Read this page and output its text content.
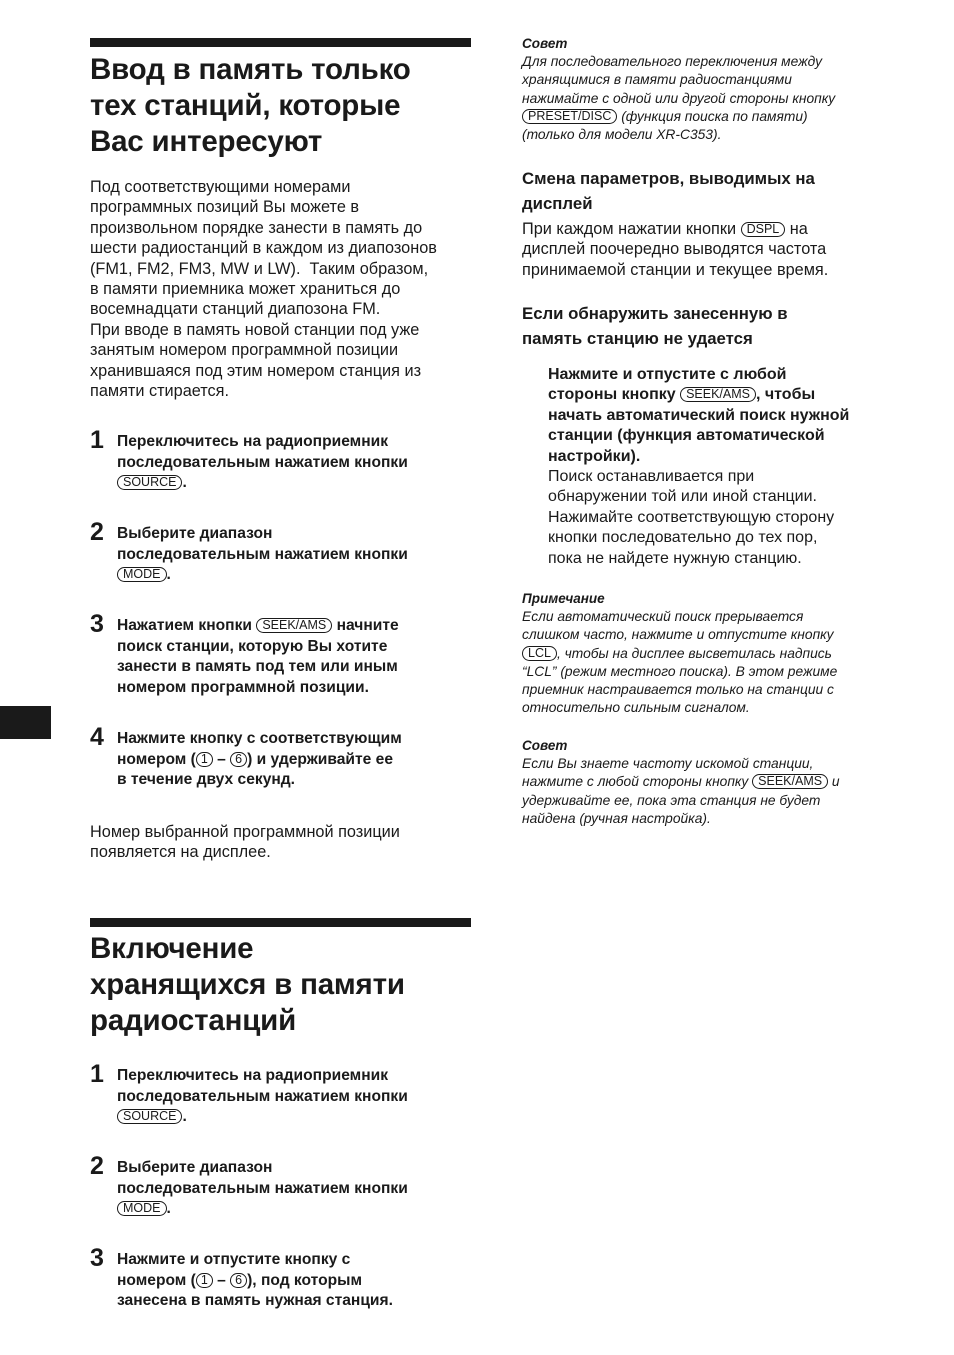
Ввод в память только
тех станций, которые
Вас интересуют
Под соответствующими номерами
программных позиций Вы можете в
произвольном порядке занести в память до
шести радиостанций в каждом из диапозонов
(FM1, FM2, FM3, MW и LW).  Таким образом,
в памяти приемника может храниться до
восемнадцати станций диапозона FM.
При вводе в память новой станции под уже
занятым номером программной позиции
хранившаяся под этим номером станция из
памяти стирается.
1 Переключитесь на радиоприемник
последовательным нажатием кнопки
SOURCE .
2 Выберите диапазон
последовательным нажатием кнопки
MODE .
3 Нажатием кнопки SEEK/AMS начните
поиск станции, которую Вы хотите
занести в память под тем или иным
номером программной позиции.
4 Нажмите кнопку с соответствующим
номером ( 1 – 6 ) и удерживайте ее
в течение двух секунд.
Номер выбранной программной позиции
появляется на дисплее.
Включение
хранящихся в памяти
радиостанций
1 Переключитесь на радиоприемник
последовательным нажатием кнопки
SOURCE .
2 Выберите диапазон
последовательным нажатием кнопки
MODE .
3 Нажмите и отпустите кнопку с
номером ( 1 – 6 ), под которым
занесена в память нужная станция.
Совет
Для последовательного переключения между
хранящимися в памяти радиостанциями
нажимайте с одной или другой стороны кнопку
PRESET/DISC (функция поиска по памяти)
(только для модели XR-C353).
Смена параметров, выводимых на
дисплей
При каждом нажатии кнопки DSPL на
дисплей поочередно выводятся частота
принимаемой станции и текущее время.
Если обнаружить занесенную в
память станцию не удается
Нажмите и отпустите с любой
стороны кнопку SEEK/AMS , чтобы
начать автоматический поиск нужной
станции (функция автоматической
настройки).
Поиск останавливается при
обнаружении той или иной станции.
Нажимайте соответствующую сторону
кнопки последовательно до тех пор,
пока не найдете нужную станцию.
Примечание
Если автоматический поиск прерывается
слишком часто, нажмите и отпустите кнопку
LCL , чтобы на дисплее высветилась надпись
“LCL” (режим местного поиска). В этом режиме
приемник настраивается только на станции с
относительно сильным сигналом.
Совет
Если Вы знаете частоту искомой станции,
нажмите с любой стороны кнопку SEEK/AMS и
удерживайте ее, пока эта станция не будет
найдена (ручная настройка).
